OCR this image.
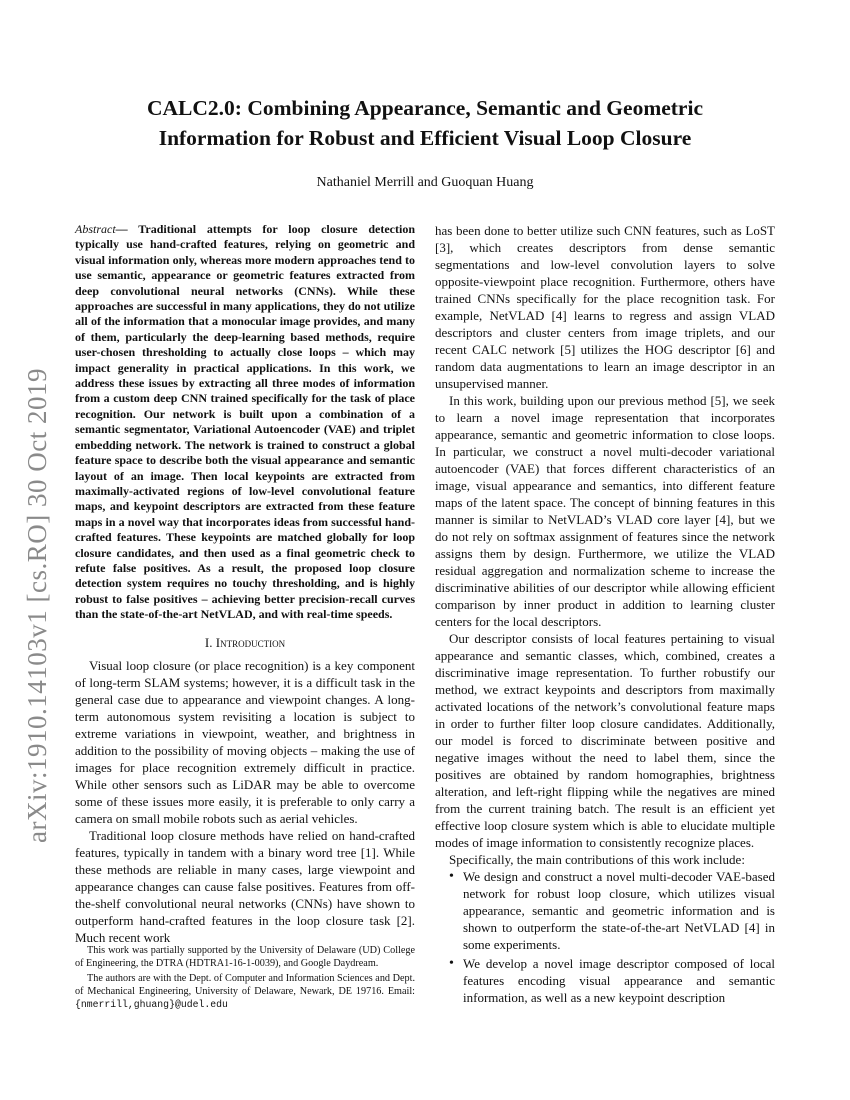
arXiv:1910.14103v1 [cs.RO] 30 Oct 2019
CALC2.0: Combining Appearance, Semantic and Geometric
Information for Robust and Efficient Visual Loop Closure
Nathaniel Merrill and Guoquan Huang

Abstract— Traditional attempts for loop closure detection typically use hand-crafted features, relying on geometric and visual information only, whereas more modern approaches tend to use semantic, appearance or geometric features extracted from deep convolutional neural networks (CNNs). While these approaches are successful in many applications, they do not utilize all of the information that a monocular image provides, and many of them, particularly the deep-learning based methods, require user-chosen thresholding to actually close loops – which may impact generality in practical applications. In this work, we address these issues by extracting all three modes of information from a custom deep CNN trained specifically for the task of place recognition. Our network is built upon a combination of a semantic segmentator, Variational Autoencoder (VAE) and triplet embedding network. The network is trained to construct a global feature space to describe both the visual appearance and semantic layout of an image. Then local keypoints are extracted from maximally-activated regions of low-level convolutional feature maps, and keypoint descriptors are extracted from these feature maps in a novel way that incorporates ideas from successful hand-crafted features. These keypoints are matched globally for loop closure candidates, and then used as a final geometric check to refute false positives. As a result, the proposed loop closure detection system requires no touchy thresholding, and is highly robust to false positives – achieving better precision-recall curves than the state-of-the-art NetVLAD, and with real-time speeds.

I. Introduction

Visual loop closure (or place recognition) is a key component of long-term SLAM systems; however, it is a difficult task in the general case due to appearance and viewpoint changes. A long-term autonomous system revisiting a location is subject to extreme variations in viewpoint, weather, and brightness in addition to the possibility of moving objects – making the use of images for place recognition extremely difficult in practice. While other sensors such as LiDAR may be able to overcome some of these issues more easily, it is preferable to only carry a camera on small mobile robots such as aerial vehicles.

Traditional loop closure methods have relied on hand-crafted features, typically in tandem with a binary word tree [1]. While these methods are reliable in many cases, large viewpoint and appearance changes can cause false positives. Features from off-the-shelf convolutional neural networks (CNNs) have shown to outperform hand-crafted features in the loop closure task [2]. Much recent work

This work was partially supported by the University of Delaware (UD) College of Engineering, the DTRA (HDTRA1-16-1-0039), and Google Daydream.

The authors are with the Dept. of Computer and Information Sciences and Dept. of Mechanical Engineering, University of Delaware, Newark, DE 19716. Email: {nmerrill,ghuang}@udel.edu

has been done to better utilize such CNN features, such as LoST [3], which creates descriptors from dense semantic segmentations and low-level convolution layers to solve opposite-viewpoint place recognition. Furthermore, others have trained CNNs specifically for the place recognition task. For example, NetVLAD [4] learns to regress and assign VLAD descriptors and cluster centers from image triplets, and our recent CALC network [5] utilizes the HOG descriptor [6] and random data augmentations to learn an image descriptor in an unsupervised manner.

In this work, building upon our previous method [5], we seek to learn a novel image representation that incorporates appearance, semantic and geometric information to close loops. In particular, we construct a novel multi-decoder variational autoencoder (VAE) that forces different characteristics of an image, visual appearance and semantics, into different feature maps of the latent space. The concept of binning features in this manner is similar to NetVLAD’s VLAD core layer [4], but we do not rely on softmax assignment of features since the network assigns them by design. Furthermore, we utilize the VLAD residual aggregation and normalization scheme to increase the discriminative abilities of our descriptor while allowing efficient comparison by inner product in addition to learning cluster centers for the local descriptors.

Our descriptor consists of local features pertaining to visual appearance and semantic classes, which, combined, creates a discriminative image representation. To further robustify our method, we extract keypoints and descriptors from maximally activated locations of the network’s convolutional feature maps in order to further filter loop closure candidates. Additionally, our model is forced to discriminate between positive and negative images without the need to label them, since the positives are obtained by random homographies, brightness alteration, and left-right flipping while the negatives are mined from the current training batch. The result is an efficient yet effective loop closure system which is able to elucidate multiple modes of image information to consistently recognize places.

Specifically, the main contributions of this work include:

• We design and construct a novel multi-decoder VAE-based network for robust loop closure, which utilizes visual appearance, semantic and geometric information and is shown to outperform the state-of-the-art NetVLAD [4] in some experiments.
• We develop a novel image descriptor composed of local features encoding visual appearance and semantic information, as well as a new keypoint description
